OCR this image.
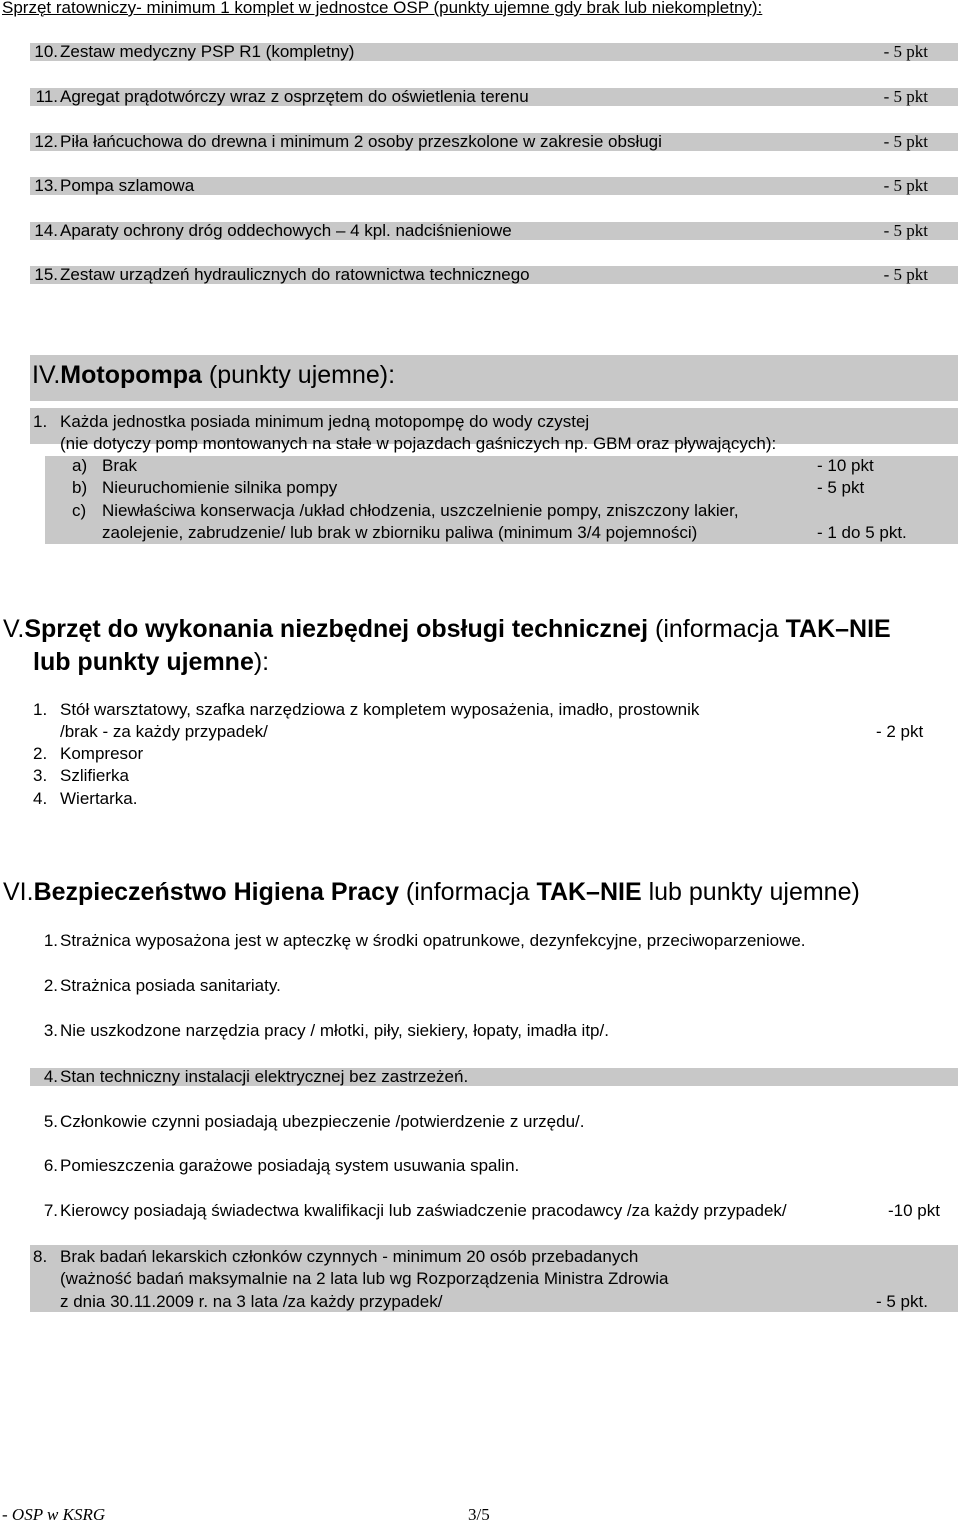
Sprzęt ratowniczy- minimum 1 komplet w jednostce OSP (punkty ujemne gdy brak lub niekompletny):
10. Zestaw medyczny PSP R1 (kompletny)	- 5 pkt
11. Agregat prądotwórczy wraz z osprzętem do oświetlenia terenu	- 5 pkt
12. Piła łańcuchowa do drewna i minimum 2 osoby przeszkolone w zakresie obsługi	- 5 pkt
13. Pompa szlamowa	- 5 pkt
14. Aparaty ochrony dróg oddechowych – 4 kpl. nadciśnieniowe	- 5 pkt
15. Zestaw urządzeń hydraulicznych do ratownictwa technicznego	- 5 pkt
IV.Motopompa (punkty ujemne):
1. Każda jednostka posiada minimum jedną motopompę do wody czystej
(nie dotyczy pomp montowanych na stałe w pojazdach gaśniczych np. GBM oraz pływających):
a) Brak	- 10 pkt
b) Nieuruchomienie silnika pompy	- 5 pkt
c) Niewłaściwa konserwacja /układ chłodzenia, uszczelnienie pompy, zniszczony lakier,
zaolejenie, zabrudzenie/ lub brak w zbiorniku paliwa (minimum 3/4 pojemności)	- 1 do 5 pkt.
V.Sprzęt do wykonania niezbędnej obsługi technicznej (informacja TAK–NIE
lub punkty ujemne):
1. Stół warsztatowy, szafka narzędziowa z kompletem wyposażenia, imadło, prostownik
/brak - za każdy przypadek/	- 2 pkt
2. Kompresor
3. Szlifierka
4. Wiertarka.
VI.Bezpieczeństwo Higiena Pracy (informacja TAK–NIE lub punkty ujemne)
1. Strażnica wyposażona jest w apteczkę w środki opatrunkowe, dezynfekcyjne, przeciwoparzeniowe.
2. Strażnica posiada sanitariaty.
3. Nie uszkodzone narzędzia pracy / młotki, piły, siekiery, łopaty, imadła itp/.
4. Stan techniczny instalacji elektrycznej bez zastrzeżeń.
5. Członkowie czynni posiadają ubezpieczenie /potwierdzenie z urzędu/.
6. Pomieszczenia garażowe posiadają system usuwania spalin.
7. Kierowcy posiadają świadectwa kwalifikacji lub zaświadczenie pracodawcy /za każdy przypadek/	-10 pkt
8. Brak badań lekarskich członków czynnych - minimum 20 osób przebadanych
(ważność badań maksymalnie na 2 lata lub wg Rozporządzenia Ministra Zdrowia
z dnia 30.11.2009 r. na 3 lata /za każdy przypadek/	- 5 pkt.
- OSP w KSRG	3/5
